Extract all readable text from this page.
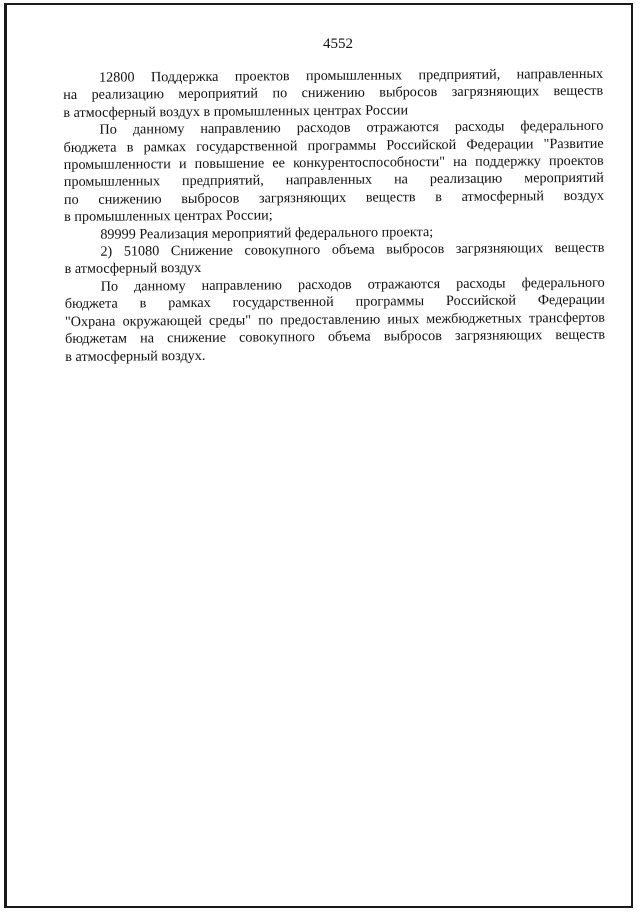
4552
12800 Поддержка проектов промышленных предприятий, направленных
на реализацию мероприятий по снижению выбросов загрязняющих веществ
в атмосферный воздух в промышленных центрах России
По данному направлению расходов отражаются расходы федерального
бюджета в рамках государственной программы Российской Федерации "Развитие
промышленности и повышение ее конкурентоспособности" на поддержку проектов
промышленных предприятий, направленных на реализацию мероприятий
по снижению выбросов загрязняющих веществ в атмосферный воздух
в промышленных центрах России;
89999 Реализация мероприятий федерального проекта;
2) 51080 Снижение совокупного объема выбросов загрязняющих веществ
в атмосферный воздух
По данному направлению расходов отражаются расходы федерального
бюджета в рамках государственной программы Российской Федерации
"Охрана окружающей среды" по предоставлению иных межбюджетных трансфертов
бюджетам на снижение совокупного объема выбросов загрязняющих веществ
в атмосферный воздух.
